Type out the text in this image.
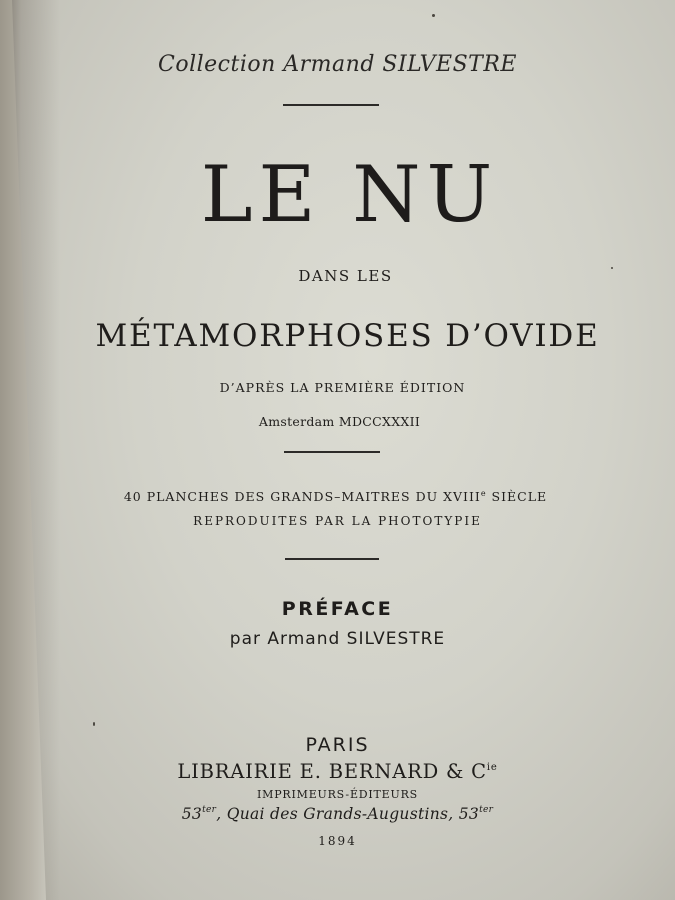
Collection Armand SILVESTRE
LE NU
DANS LES
MÉTAMORPHOSES D’OVIDE
D’APRÈS LA PREMIÈRE ÉDITION
Amsterdam MDCCXXXII
40 PLANCHES DES GRANDS–MAITRES DU XVIIIe SIÈCLE
REPRODUITES PAR LA PHOTOTYPIE
PRÉFACE
par Armand SILVESTRE
PARIS
LIBRAIRIE E. BERNARD & $C^{ie}$
IMPRIMEURS-ÉDITEURS
$53^{ter}$, Quai des Grands-Augustins, $53^{ter}$
1894
